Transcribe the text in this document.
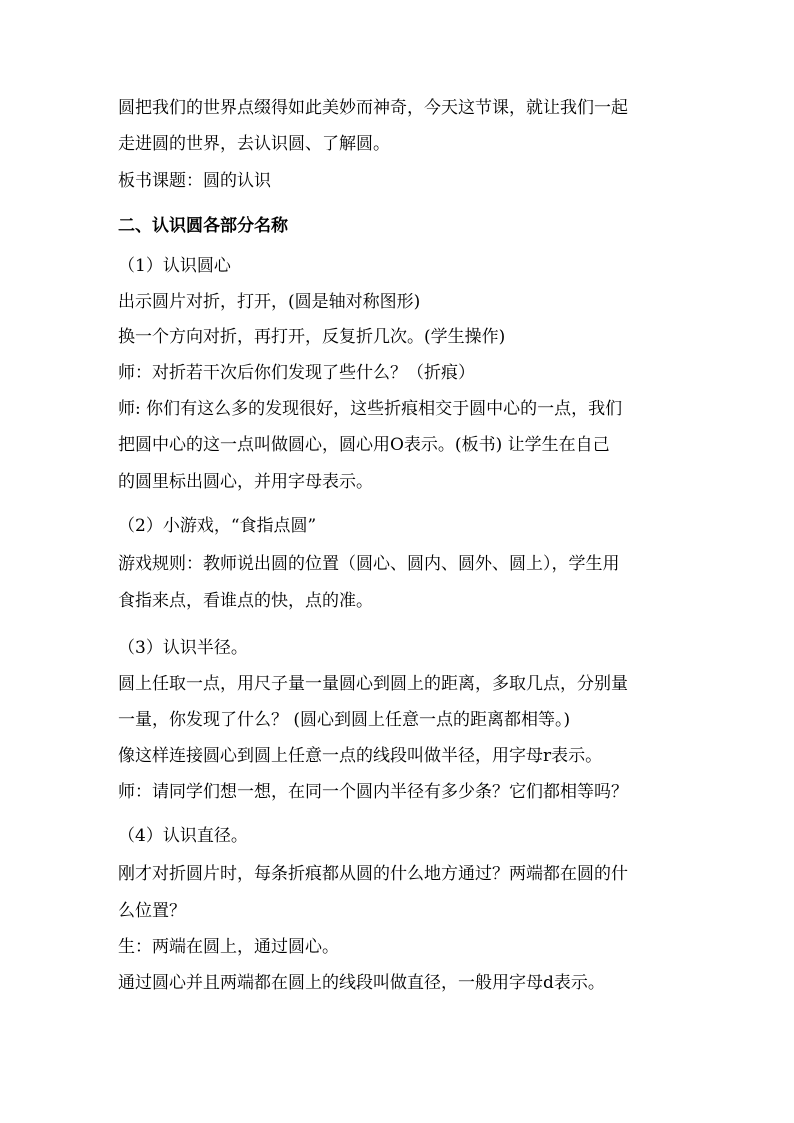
圆把我们的世界点缀得如此美妙而神奇，今天这节课，就让我们一起
走进圆的世界，去认识圆、了解圆。
板书课题：圆的认识
二、认识圆各部分名称
（1）认识圆心
出示圆片对折，打开，(圆是轴对称图形)
换一个方向对折，再打开，反复折几次。(学生操作)
师：对折若干次后你们发现了些什么？（折痕）
师: 你们有这么多的发现很好，这些折痕相交于圆中心的一点，我们
把圆中心的这一点叫做圆心，圆心用O表示。(板书) 让学生在自己
的圆里标出圆心，并用字母表示。
（2）小游戏，“食指点圆”
游戏规则：教师说出圆的位置（圆心、圆内、圆外、圆上），学生用
食指来点，看谁点的快，点的准。
（3）认识半径。
圆上任取一点，用尺子量一量圆心到圆上的距离，多取几点，分别量
一量，你发现了什么？ (圆心到圆上任意一点的距离都相等。)
像这样连接圆心到圆上任意一点的线段叫做半径，用字母r表示。
师：请同学们想一想，在同一个圆内半径有多少条？它们都相等吗？
（4）认识直径。
刚才对折圆片时，每条折痕都从圆的什么地方通过？两端都在圆的什
么位置？
生：两端在圆上，通过圆心。
通过圆心并且两端都在圆上的线段叫做直径，一般用字母d表示。
